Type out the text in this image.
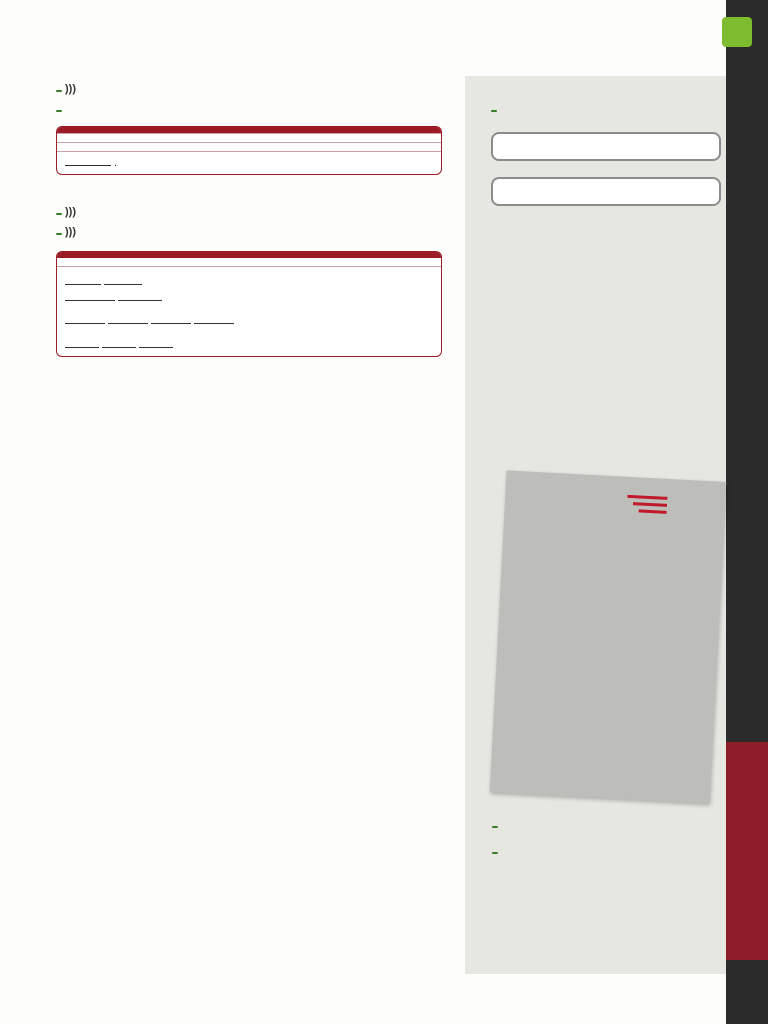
)))

.

)))

)))
